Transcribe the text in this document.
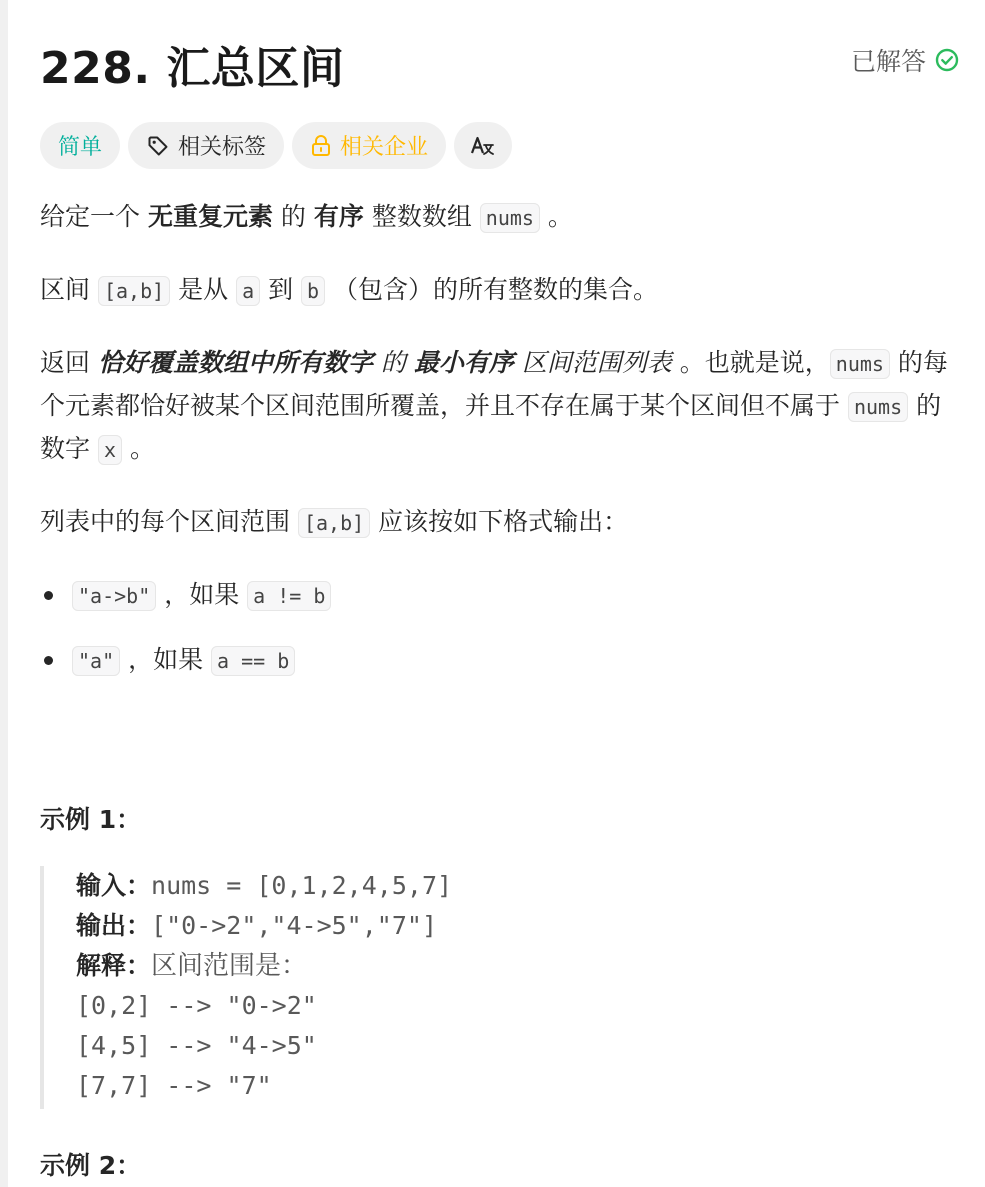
228. 汇总区间	已解答
简单	相关标签	相关企业

给定一个 无重复元素 的 有序 整数数组 nums 。

区间 [a,b] 是从 a 到 b （包含）的所有整数的集合。

返回 恰好覆盖数组中所有数字 的 最小有序 区间范围列表 。也就是说， nums 的每个元素都恰好被某个区间范围所覆盖，并且不存在属于某个区间但不属于 nums 的数字 x 。

列表中的每个区间范围 [a,b] 应该按如下格式输出：

"a->b" ，如果 a != b
"a" ，如果 a == b
示例 1：
输入：nums = [0,1,2,4,5,7]
输出：["0->2","4->5","7"]
解释：区间范围是：
[0,2] --> "0->2"
[4,5] --> "4->5"
[7,7] --> "7"
示例 2：
